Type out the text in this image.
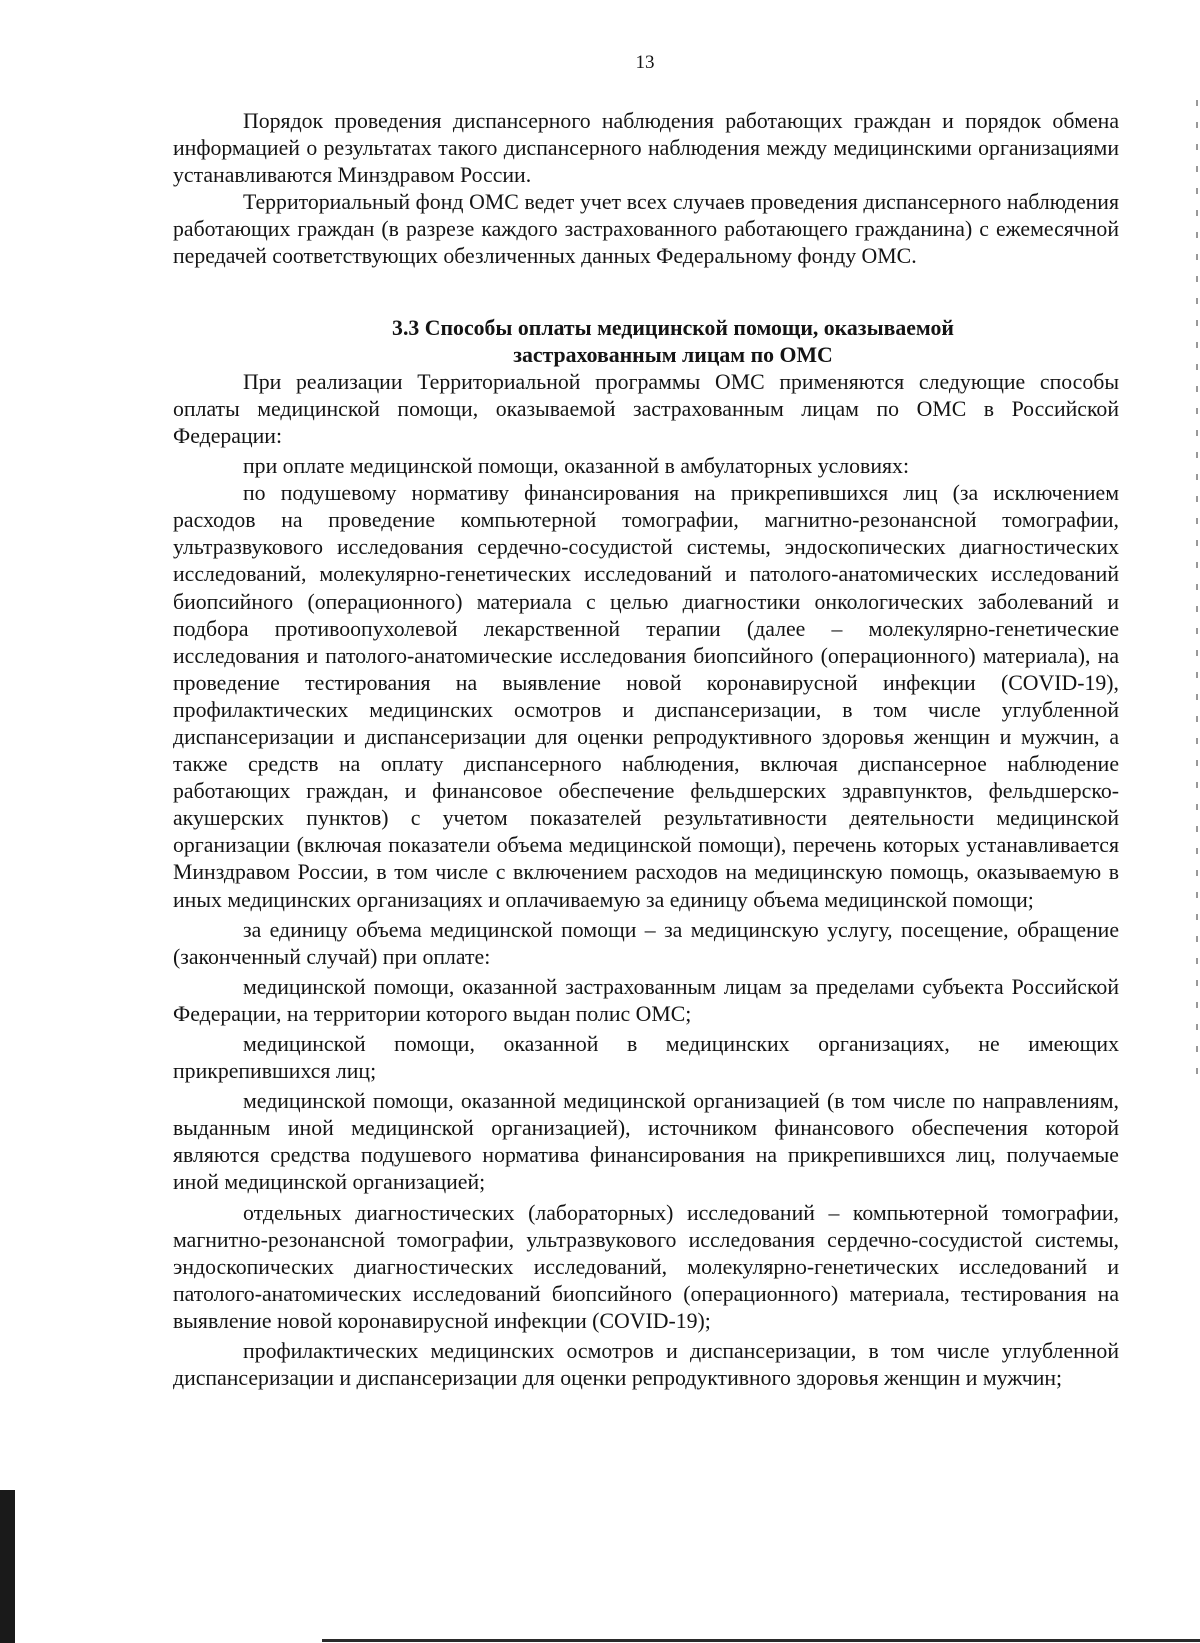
13

Порядок проведения диспансерного наблюдения работающих граждан и порядок обмена информацией о результатах такого диспансерного наблюдения между медицинскими организациями устанавливаются Минздравом России.

Территориальный фонд ОМС ведет учет всех случаев проведения диспансерного наблюдения работающих граждан (в разрезе каждого застрахованного работающего гражданина) с ежемесячной передачей соответствующих обезличенных данных Федеральному фонду ОМС.

3.3 Способы оплаты медицинской помощи, оказываемой
застрахованным лицам по ОМС

При реализации Территориальной программы ОМС применяются следующие способы оплаты медицинской помощи, оказываемой застрахованным лицам по ОМС в Российской Федерации:

при оплате медицинской помощи, оказанной в амбулаторных условиях:

по подушевому нормативу финансирования на прикрепившихся лиц (за исключением расходов на проведение компьютерной томографии, магнитно-резонансной томографии, ультразвукового исследования сердечно-сосудистой системы, эндоскопических диагностических исследований, молекулярно-генетических исследований и патолого-анатомических исследований биопсийного (операционного) материала с целью диагностики онкологических заболеваний и подбора противоопухолевой лекарственной терапии (далее – молекулярно-генетические исследования и патолого-анатомические исследования биопсийного (операционного) материала), на проведение тестирования на выявление новой коронавирусной инфекции (COVID-19), профилактических медицинских осмотров и диспансеризации, в том числе углубленной диспансеризации и диспансеризации для оценки репродуктивного здоровья женщин и мужчин, а также средств на оплату диспансерного наблюдения, включая диспансерное наблюдение работающих граждан, и финансовое обеспечение фельдшерских здравпунктов, фельдшерско-акушерских пунктов) с учетом показателей результативности деятельности медицинской организации (включая показатели объема медицинской помощи), перечень которых устанавливается Минздравом России, в том числе с включением расходов на медицинскую помощь, оказываемую в иных медицинских организациях и оплачиваемую за единицу объема медицинской помощи;

за единицу объема медицинской помощи – за медицинскую услугу, посещение, обращение (законченный случай) при оплате:

медицинской помощи, оказанной застрахованным лицам за пределами субъекта Российской Федерации, на территории которого выдан полис ОМС;

медицинской помощи, оказанной в медицинских организациях, не имеющих прикрепившихся лиц;

медицинской помощи, оказанной медицинской организацией (в том числе по направлениям, выданным иной медицинской организацией), источником финансового обеспечения которой являются средства подушевого норматива финансирования на прикрепившихся лиц, получаемые иной медицинской организацией;

отдельных диагностических (лабораторных) исследований – компьютерной томографии, магнитно-резонансной томографии, ультразвукового исследования сердечно-сосудистой системы, эндоскопических диагностических исследований, молекулярно-генетических исследований и патолого-анатомических исследований биопсийного (операционного) материала, тестирования на выявление новой коронавирусной инфекции (COVID-19);

профилактических медицинских осмотров и диспансеризации, в том числе углубленной диспансеризации и диспансеризации для оценки репродуктивного здоровья женщин и мужчин;
